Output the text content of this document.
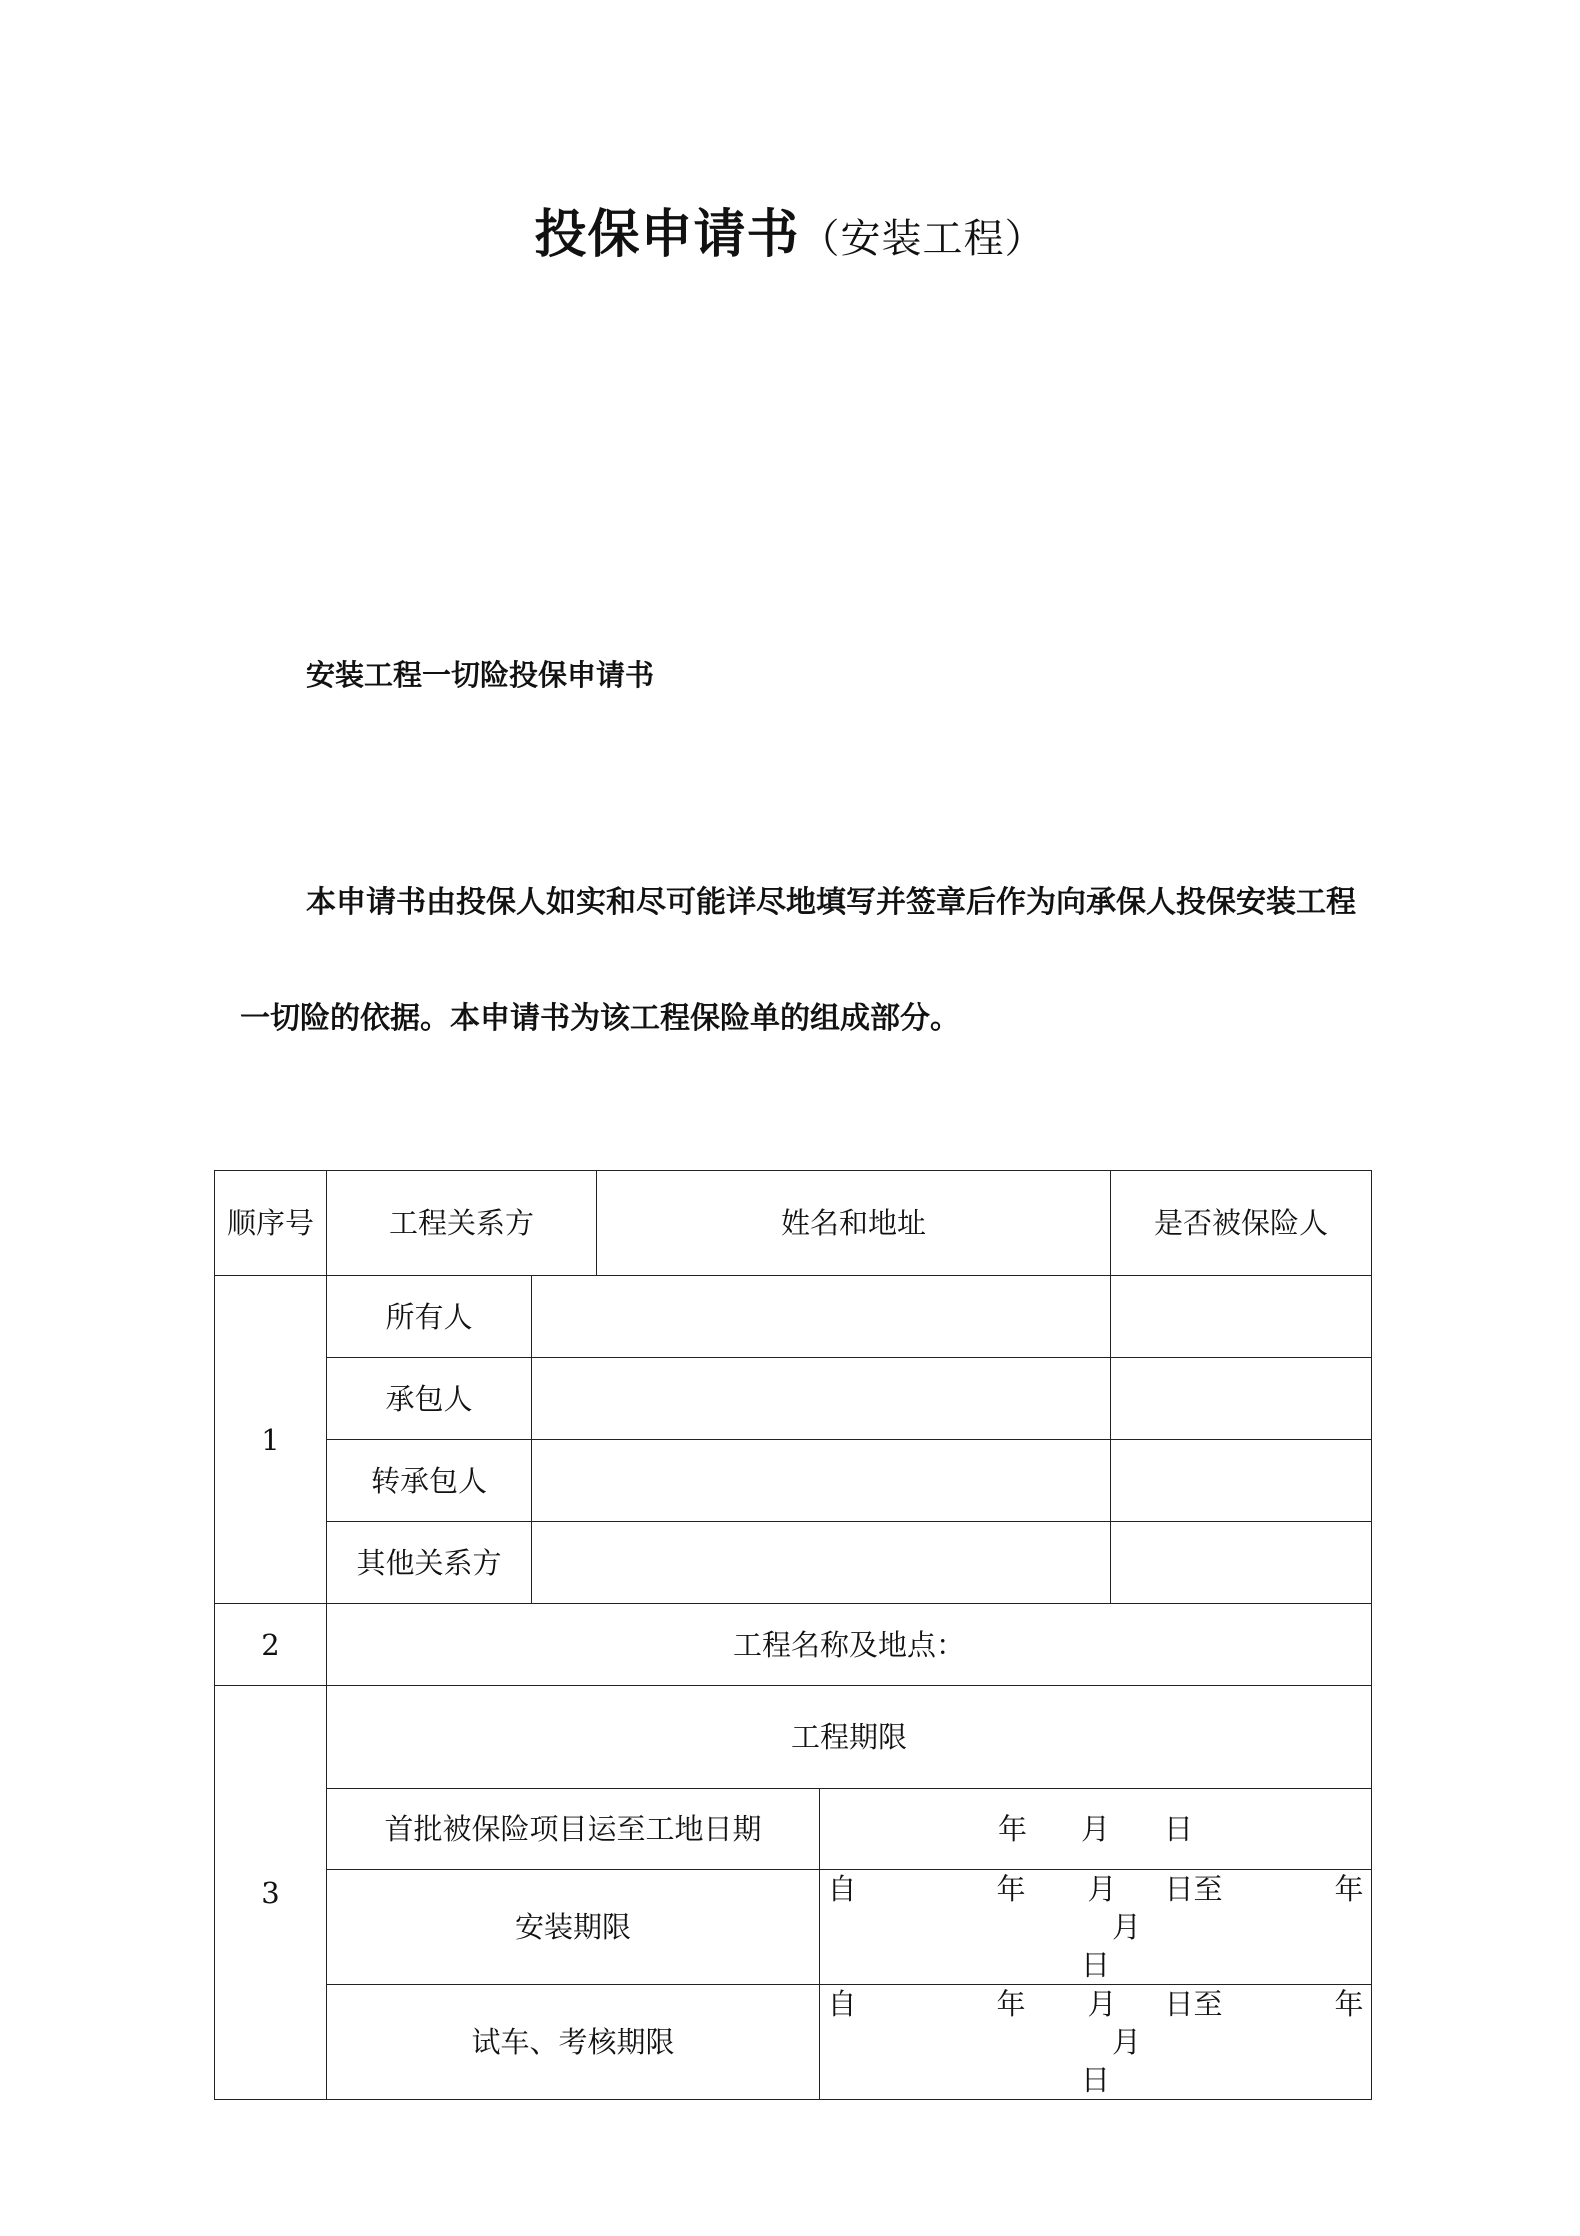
投保申请书（安装工程）
安装工程一切险投保申请书
本申请书由投保人如实和尽可能详尽地填写并签章后作为向承保人投保安装工程一切险的依据。本申请书为该工程保险单的组成部分。
顺序号	工程关系方		姓名和地址		是否被保险人
1	所有人				
	承包人				
	转承包人				
	其他关系方				
2	工程名称及地点：				
3	工程期限				
	首批被保险项目运至工地日期			年 月 日	
	安装期限			自 年 月 日至 年月
日	
	试车、考核期限			自 年 月 日至 年月
日	
